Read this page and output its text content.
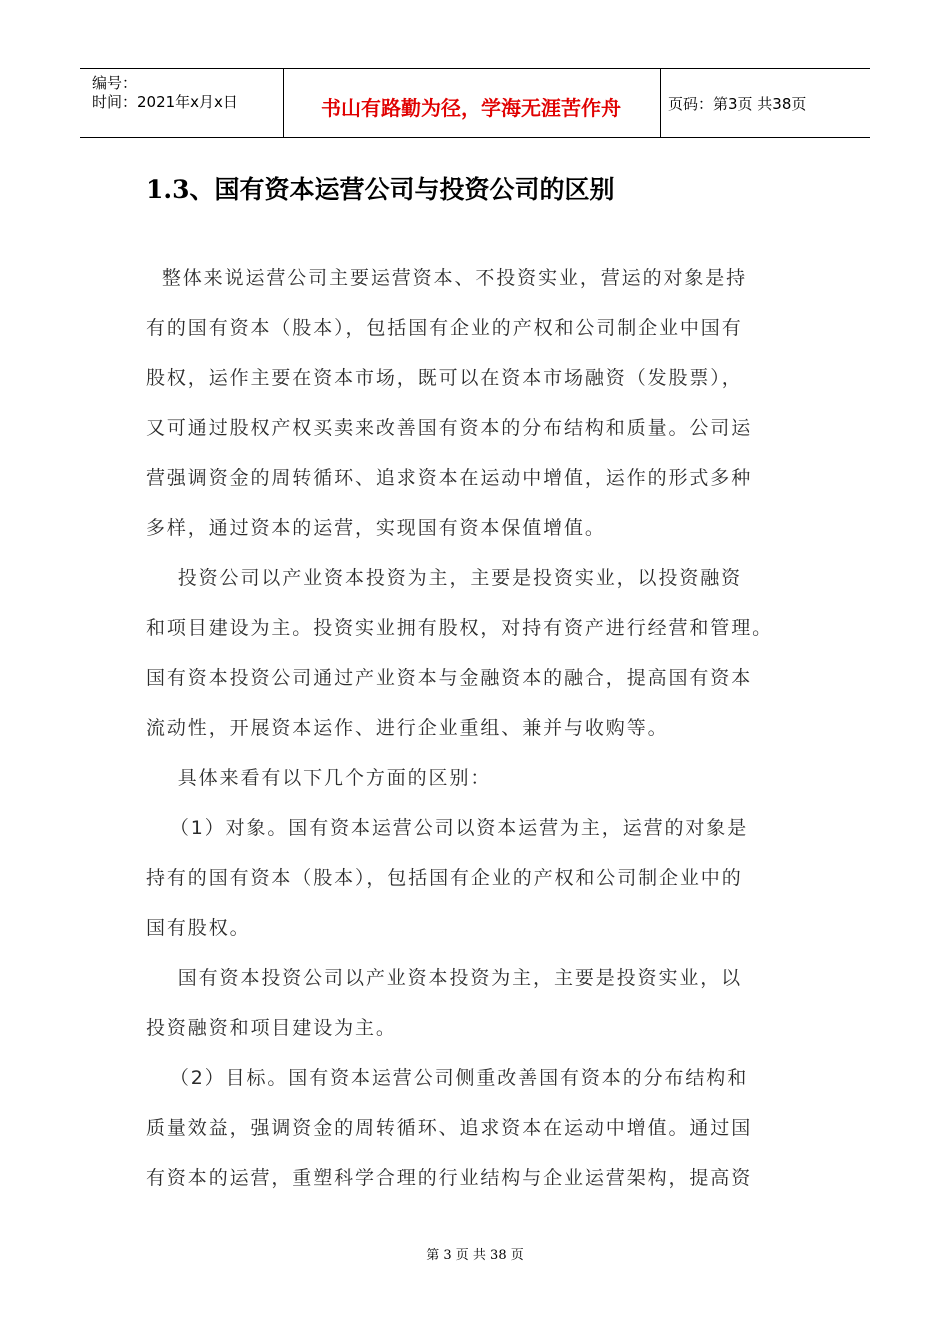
编号：
时间：2021年x月x日	书山有路勤为径，学海无涯苦作舟	页码：第3页 共38页
1.3、国有资本运营公司与投资公司的区别
整体来说运营公司主要运营资本、不投资实业，营运的对象是持
有的国有资本（股本），包括国有企业的产权和公司制企业中国有
股权，运作主要在资本市场，既可以在资本市场融资（发股票），
又可通过股权产权买卖来改善国有资本的分布结构和质量。公司运
营强调资金的周转循环、追求资本在运动中增值，运作的形式多种
多样，通过资本的运营，实现国有资本保值增值。
投资公司以产业资本投资为主，主要是投资实业，以投资融资
和项目建设为主。投资实业拥有股权，对持有资产进行经营和管理。
国有资本投资公司通过产业资本与金融资本的融合，提高国有资本
流动性，开展资本运作、进行企业重组、兼并与收购等。
具体来看有以下几个方面的区别：
（1）对象。国有资本运营公司以资本运营为主，运营的对象是
持有的国有资本（股本），包括国有企业的产权和公司制企业中的
国有股权。
国有资本投资公司以产业资本投资为主，主要是投资实业，以
投资融资和项目建设为主。
（2）目标。国有资本运营公司侧重改善国有资本的分布结构和
质量效益，强调资金的周转循环、追求资本在运动中增值。通过国
有资本的运营，重塑科学合理的行业结构与企业运营架构，提高资
第 3 页 共 38 页
